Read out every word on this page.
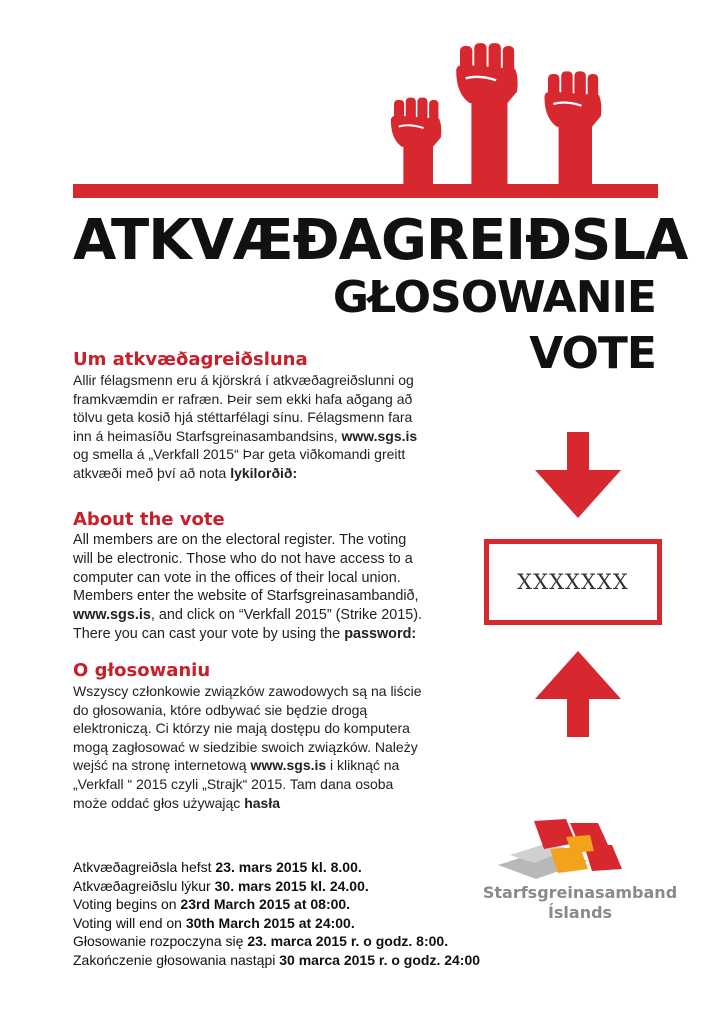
ATKVÆÐAGREIÐSLA
GŁOSOWANIE
VOTE
Um atkvæðagreiðsluna

Allir félagsmenn eru á kjörskrá í atkvæðagreiðslunni og framkvæmdin er rafræn. Þeir sem ekki hafa aðgang að tölvu geta kosið hjá stéttarfélagi sínu. Félagsmenn fara inn á heimasíðu Starfsgreinasambandsins, www.sgs.is og smella á „Verkfall 2015“ Þar geta viðkomandi greitt atkvæði með því að nota lykilorðið:

About the vote

All members are on the electoral register. The voting will be electronic. Those who do not have access to a computer can vote in the offices of their local union. Members enter the website of Starfsgreinasambandið, www.sgs.is, and click on “Verkfall 2015” (Strike 2015). There you can cast your vote by using the password:

O głosowaniu

Wszyscy członkowie związków zawodowych są na liście do głosowania, które odbywać sie będzie drogą elektroniczą. Ci którzy nie mają dostępu do komputera mogą zagłosować w siedzibie swoich związków. Należy wejść na stronę internetową www.sgs.is i kliknąć na „Verkfall “ 2015 czyli „Strajk“ 2015. Tam dana osoba może oddać głos używając hasła

XXXXXXX
Atkvæðagreiðsla hefst 23. mars 2015 kl. 8.00.
Atkvæðagreiðslu lýkur 30. mars 2015 kl. 24.00.
Voting begins on 23rd March 2015 at 08:00.
Voting will end on 30th March 2015 at 24:00.
Głosowanie rozpoczyna się 23. marca 2015 r. o godz. 8:00.
Zakończenie głosowania nastąpi 30 marca 2015 r. o godz. 24:00
Starfsgreinasamband
Íslands
